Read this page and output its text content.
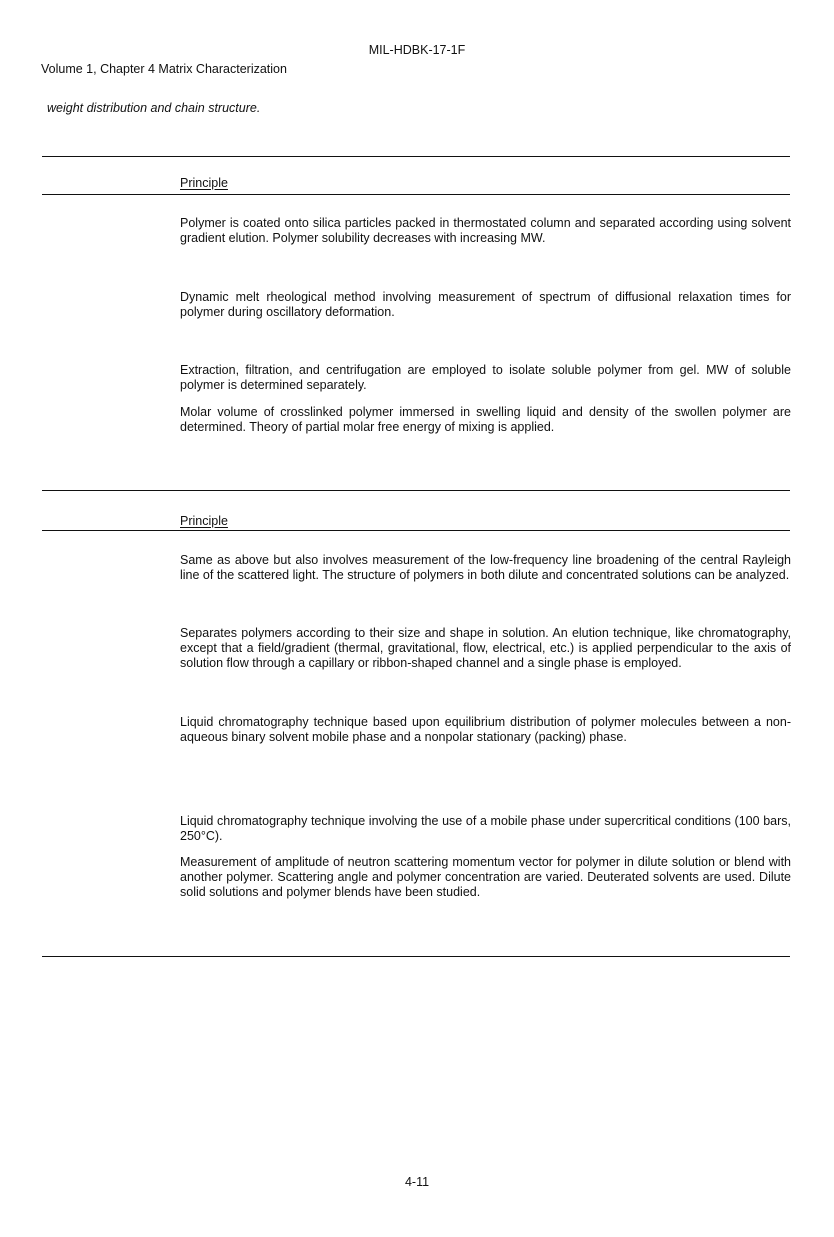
MIL-HDBK-17-1F
Volume 1, Chapter 4 Matrix Characterization
weight distribution and chain structure.
Principle

Polymer is coated onto silica particles packed in thermostated column and separated according using solvent gradient elution. Polymer solubility decreases with increasing MW.

Dynamic melt rheological method involving measurement of spectrum of diffusional relaxation times for polymer during oscillatory deformation.

Extraction, filtration, and centrifugation are employed to isolate soluble polymer from gel. MW of soluble polymer is determined separately.

Molar volume of crosslinked polymer immersed in swelling liquid and density of the swollen polymer are determined. Theory of partial molar free energy of mixing is applied.

Principle

Same as above but also involves measurement of the low-frequency line broadening of the central Rayleigh line of the scattered light. The structure of polymers in both dilute and concentrated solutions can be analyzed.

Separates polymers according to their size and shape in solution. An elution technique, like chromatography, except that a field/gradient (thermal, gravitational, flow, electrical, etc.) is applied perpendicular to the axis of solution flow through a capillary or ribbon-shaped channel and a single phase is employed.

Liquid chromatography technique based upon equilibrium distribution of polymer molecules between a non-aqueous binary solvent mobile phase and a nonpolar stationary (packing) phase.

Liquid chromatography technique involving the use of a mobile phase under supercritical conditions (100 bars, 250°C).

Measurement of amplitude of neutron scattering momentum vector for polymer in dilute solution or blend with another polymer. Scattering angle and polymer concentration are varied. Deuterated solvents are used. Dilute solid solutions and polymer blends have been studied.

4-11
